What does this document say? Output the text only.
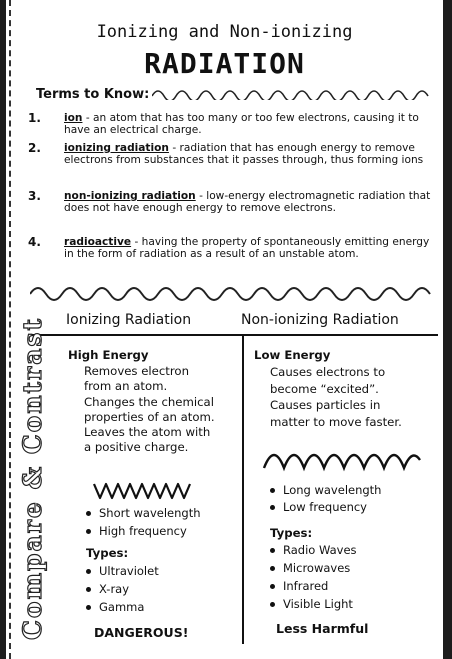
Ionizing and Non-ionizing
RADIATION
Terms to Know:
1. ion - an atom that has too many or too few electrons, causing it to have an electrical charge.
2. ionizing radiation - radiation that has enough energy to remove electrons from substances that it passes through, thus forming ions
3. non-ionizing radiation - low-energy electromagnetic radiation that does not have enough energy to remove electrons.
4. radioactive - having the property of spontaneously emitting energy in the form of radiation as a result of an unstable atom.
Ionizing Radiation	Non-ionizing Radiation
Compare & Contrast High Energy
Removes electron
from an atom.
Changes the chemical
properties of an atom.
Leaves the atom with
a positive charge.
Short wavelength
High frequency
Types:
Ultraviolet
X-ray
Gamma
DANGEROUS!
Low Energy
Causes electrons to
become “excited”.
Causes particles in
matter to move faster.
Long wavelength
Low frequency
Types:
Radio Waves
Microwaves
Infrared
Visible Light
Less Harmful
